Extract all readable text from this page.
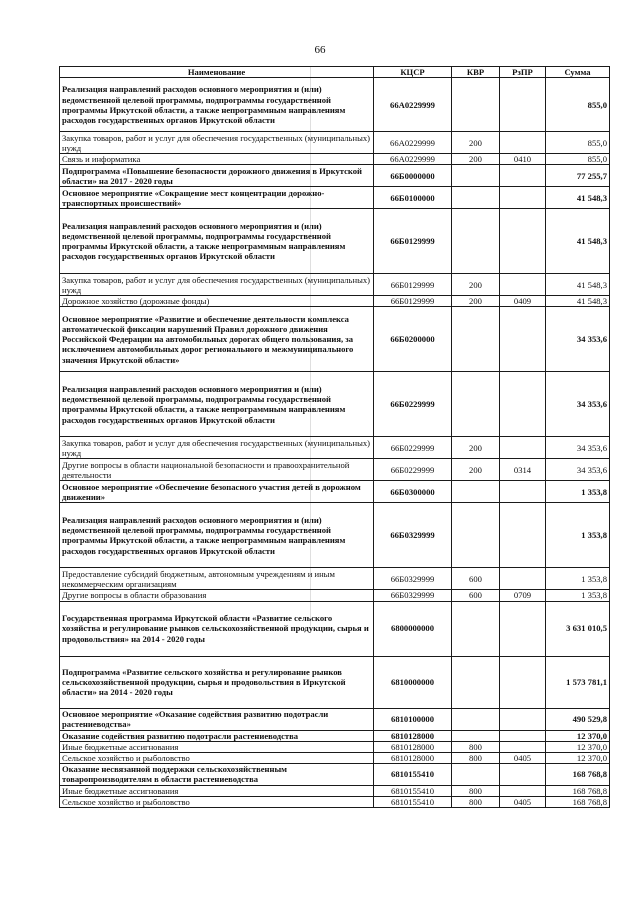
66
Наименование	КЦСР	КВР	РзПР	Сумма
Реализация направлений расходов основного мероприятия и (или) ведомственной целевой программы, подпрограммы государственной программы Иркутской области, а также непрограммным направлениям расходов государственных органов Иркутской области	66А0229999			855,0
Закупка товаров, работ и услуг для обеспечения государственных (муниципальных) нужд	66А0229999	200		855,0
Связь и информатика	66А0229999	200	0410	855,0
Подпрограмма «Повышение безопасности дорожного движения в Иркутской области» на 2017 - 2020 годы	66Б0000000			77 255,7
Основное мероприятие «Сокращение мест концентрации дорожно-транспортных происшествий»	66Б0100000			41 548,3
Реализация направлений расходов основного мероприятия и (или) ведомственной целевой программы, подпрограммы государственной программы Иркутской области, а также непрограммным направлениям расходов государственных органов Иркутской области	66Б0129999			41 548,3
Закупка товаров, работ и услуг для обеспечения государственных (муниципальных) нужд	66Б0129999	200		41 548,3
Дорожное хозяйство (дорожные фонды)	66Б0129999	200	0409	41 548,3
Основное мероприятие «Развитие и обеспечение деятельности комплекса автоматической фиксации нарушений Правил дорожного движения Российской Федерации на автомобильных дорогах общего пользования, за исключением автомобильных дорог регионального и межмуниципального значения Иркутской области»	66Б0200000			34 353,6
Реализация направлений расходов основного мероприятия и (или) ведомственной целевой программы, подпрограммы государственной программы Иркутской области, а также непрограммным направлениям расходов государственных органов Иркутской области	66Б0229999			34 353,6
Закупка товаров, работ и услуг для обеспечения государственных (муниципальных) нужд	66Б0229999	200		34 353,6
Другие вопросы в области национальной безопасности и правоохранительной деятельности	66Б0229999	200	0314	34 353,6
Основное мероприятие «Обеспечение безопасного участия детей в дорожном движении»	66Б0300000			1 353,8
Реализация направлений расходов основного мероприятия и (или) ведомственной целевой программы, подпрограммы государственной программы Иркутской области, а также непрограммным направлениям расходов государственных органов Иркутской области	66Б0329999			1 353,8
Предоставление субсидий бюджетным, автономным учреждениям и иным некоммерческим организациям	66Б0329999	600		1 353,8
Другие вопросы в области образования	66Б0329999	600	0709	1 353,8
Государственная программа Иркутской области «Развитие сельского хозяйства и регулирование рынков сельскохозяйственной продукции, сырья и продовольствия» на 2014 - 2020 годы	6800000000			3 631 010,5
Подпрограмма «Развитие сельского хозяйства и регулирование рынков сельскохозяйственной продукции, сырья и продовольствия в Иркутской области» на 2014 - 2020 годы	6810000000			1 573 781,1
Основное мероприятие «Оказание содействия развитию подотрасли растениеводства»	6810100000			490 529,8
Оказание содействия развитию подотрасли растениеводства	6810128000			12 370,0
Иные бюджетные ассигнования	6810128000	800		12 370,0
Сельское хозяйство и рыболовство	6810128000	800	0405	12 370,0
Оказание несвязанной поддержки сельскохозяйственным товаропроизводителям в области растениеводства	6810155410			168 768,8
Иные бюджетные ассигнования	6810155410	800		168 768,8
Сельское хозяйство и рыболовство	6810155410	800	0405	168 768,8
